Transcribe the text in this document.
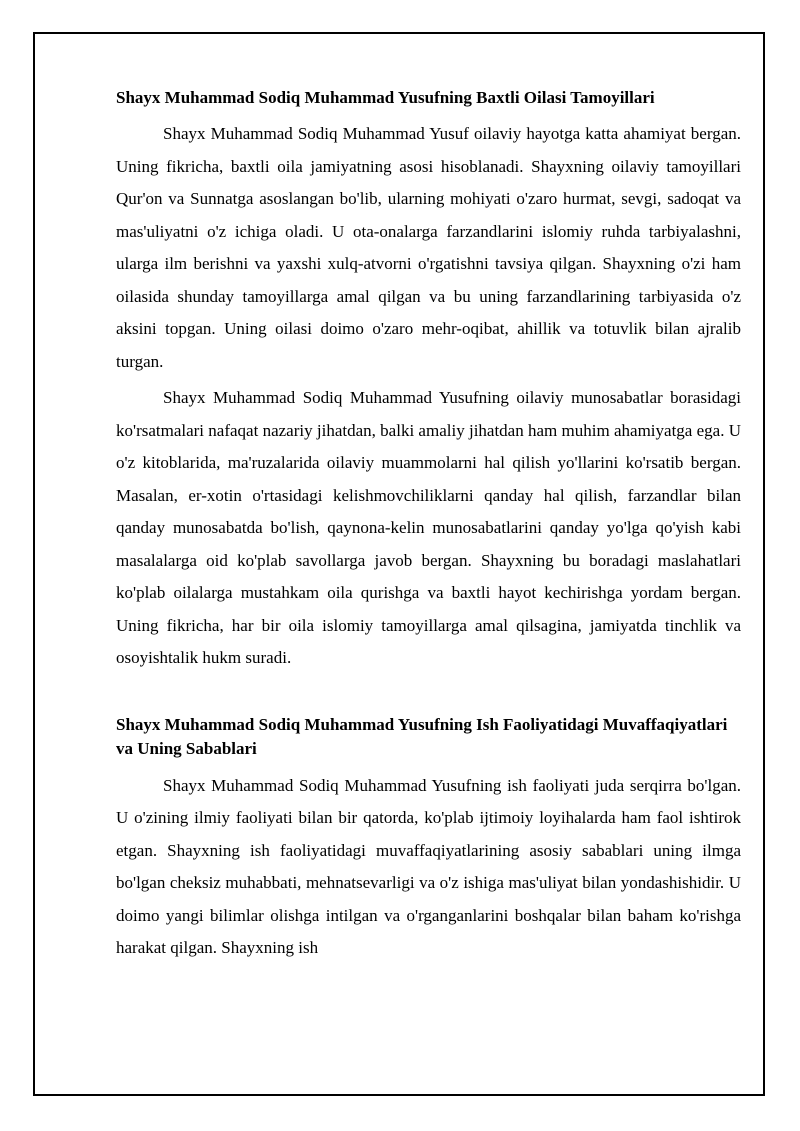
Shayx Muhammad Sodiq Muhammad Yusufning Baxtli Oilasi Tamoyillari

Shayx Muhammad Sodiq Muhammad Yusuf oilaviy hayotga katta ahamiyat bergan. Uning fikricha, baxtli oila jamiyatning asosi hisoblanadi. Shayxning oilaviy tamoyillari Qur'on va Sunnatga asoslangan bo'lib, ularning mohiyati o'zaro hurmat, sevgi, sadoqat va mas'uliyatni o'z ichiga oladi. U ota-onalarga farzandlarini islomiy ruhda tarbiyalashni, ularga ilm berishni va yaxshi xulq-atvorni o'rgatishni tavsiya qilgan. Shayxning o'zi ham oilasida shunday tamoyillarga amal qilgan va bu uning farzandlarining tarbiyasida o'z aksini topgan. Uning oilasi doimo o'zaro mehr-oqibat, ahillik va totuvlik bilan ajralib turgan.

Shayx Muhammad Sodiq Muhammad Yusufning oilaviy munosabatlar borasidagi ko'rsatmalari nafaqat nazariy jihatdan, balki amaliy jihatdan ham muhim ahamiyatga ega. U o'z kitoblarida, ma'ruzalarida oilaviy muammolarni hal qilish yo'llarini ko'rsatib bergan. Masalan, er-xotin o'rtasidagi kelishmovchiliklarni qanday hal qilish, farzandlar bilan qanday munosabatda bo'lish, qaynona-kelin munosabatlarini qanday yo'lga qo'yish kabi masalalarga oid ko'plab savollarga javob bergan. Shayxning bu boradagi maslahatlari ko'plab oilalarga mustahkam oila qurishga va baxtli hayot kechirishga yordam bergan. Uning fikricha, har bir oila islomiy tamoyillarga amal qilsagina, jamiyatda tinchlik va osoyishtalik hukm suradi.

Shayx Muhammad Sodiq Muhammad Yusufning Ish Faoliyatidagi Muvaffaqiyatlari va Uning Sabablari

Shayx Muhammad Sodiq Muhammad Yusufning ish faoliyati juda serqirra bo'lgan. U o'zining ilmiy faoliyati bilan bir qatorda, ko'plab ijtimoiy loyihalarda ham faol ishtirok etgan. Shayxning ish faoliyatidagi muvaffaqiyatlarining asosiy sabablari uning ilmga bo'lgan cheksiz muhabbati, mehnatsevarligi va o'z ishiga mas'uliyat bilan yondashishidir. U doimo yangi bilimlar olishga intilgan va o'rganganlarini boshqalar bilan baham ko'rishga harakat qilgan. Shayxning ish
